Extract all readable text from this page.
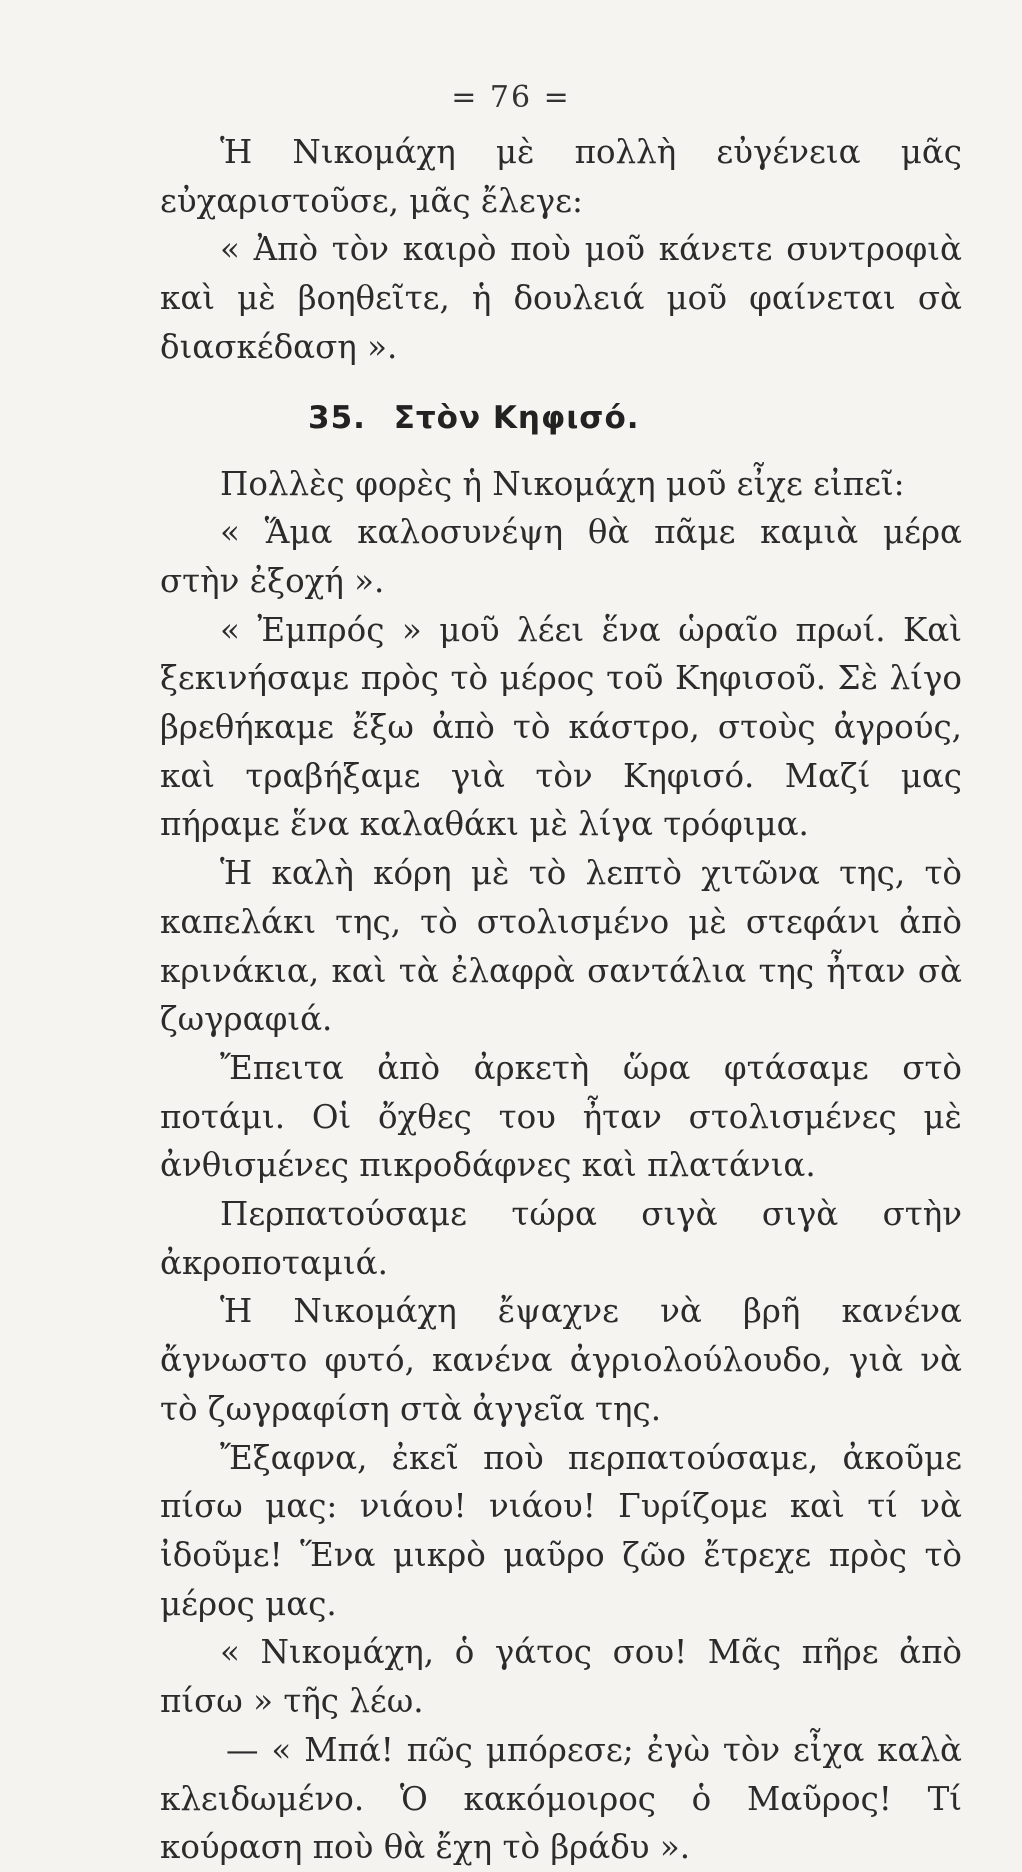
= 76 =

Ἡ Νικομάχη μὲ πολλὴ εὐγένεια μᾶς εὐχαριστοῦσε, μᾶς ἔλεγε:

« Ἀπὸ τὸν καιρὸ ποὺ μοῦ κάνετε συντροφιὰ καὶ μὲ βοηθεῖτε, ἡ δουλειά μοῦ φαίνεται σὰ διασκέδαση ».

35. Στὸν Κηφισό.

Πολλὲς φορὲς ἡ Νικομάχη μοῦ εἶχε εἰπεῖ:

« Ἅμα καλοσυνέψη θὰ πᾶμε καμιὰ μέρα στὴν ἐξοχή ».

« Ἐμπρός » μοῦ λέει ἕνα ὡραῖο πρωί. Καὶ ξεκινήσαμε πρὸς τὸ μέρος τοῦ Κηφισοῦ. Σὲ λίγο βρεθήκαμε ἔξω ἀπὸ τὸ κάστρο, στοὺς ἀγρούς, καὶ τραβήξαμε γιὰ τὸν Κηφισό. Μαζί μας πήραμε ἕνα καλαθάκι μὲ λίγα τρόφιμα.

Ἡ καλὴ κόρη μὲ τὸ λεπτὸ χιτῶνα της, τὸ καπελάκι της, τὸ στολισμένο μὲ στεφάνι ἀπὸ κρινάκια, καὶ τὰ ἐλαφρὰ σαντάλια της ἦταν σὰ ζωγραφιά.

Ἔπειτα ἀπὸ ἀρκετὴ ὥρα φτάσαμε στὸ ποτάμι. Οἱ ὄχθες του ἦταν στολισμένες μὲ ἀνθισμένες πικροδάφνες καὶ πλατάνια.

Περπατούσαμε τώρα σιγὰ σιγὰ στὴν ἀκροποταμιά.

Ἡ Νικομάχη ἔψαχνε νὰ βρῆ κανένα ἄγνωστο φυτό, κανένα ἀγριολούλουδο, γιὰ νὰ τὸ ζωγραφίση στὰ ἀγγεῖα της.

Ἔξαφνα, ἐκεῖ ποὺ περπατούσαμε, ἀκοῦμε πίσω μας: νιάου! νιάου! Γυρίζομε καὶ τί νὰ ἰδοῦμε! Ἕνα μικρὸ μαῦρο ζῶο ἔτρεχε πρὸς τὸ μέρος μας.

« Νικομάχη, ὁ γάτος σου! Μᾶς πῆρε ἀπὸ πίσω » τῆς λέω.

— « Μπά! πῶς μπόρεσε; ἐγὼ τὸν εἶχα καλὰ κλειδωμένο. Ὁ κακόμοιρος ὁ Μαῦρος! Τί κούραση ποὺ θὰ ἔχη τὸ βράδυ ».
